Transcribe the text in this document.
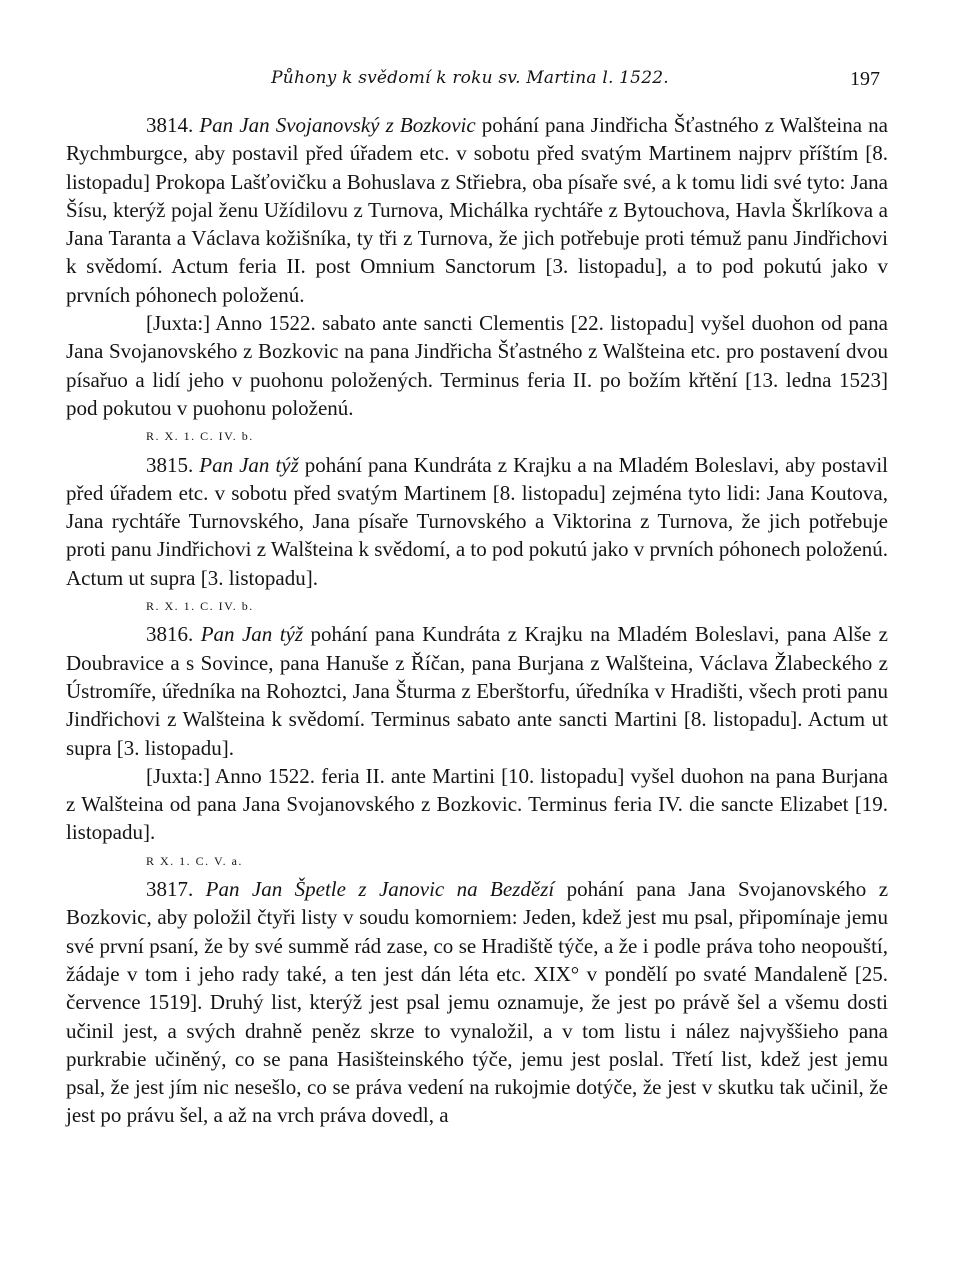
Půhony k svědomí k roku sv. Martina l. 1522.	197

3814. Pan Jan Svojanovský z Bozkovic pohání pana Jindřicha Šťastného z Walšteina na Rychmburgce, aby postavil před úřadem etc. v sobotu před svatým Martinem najprv příštím [8. listopadu] Prokopa Lašťovičku a Bohuslava z Střiebra, oba písaře své, a k tomu lidi své tyto: Jana Šísu, kterýž pojal ženu Užídilovu z Turnova, Michálka rychtáře z Bytouchova, Havla Škrlíkova a Jana Taranta a Václava kožišníka, ty tři z Turnova, že jich potřebuje proti témuž panu Jindřichovi k svědomí. Actum feria II. post Omnium Sanctorum [3. listopadu], a to pod pokutú jako v prvních póhonech položenú.

[Juxta:] Anno 1522. sabato ante sancti Clementis [22. listopadu] vyšel duohon od pana Jana Svojanovského z Bozkovic na pana Jindřicha Šťastného z Walšteina etc. pro postavení dvou písařuo a lidí jeho v puohonu položených. Terminus feria II. po božím křtění [13. ledna 1523] pod pokutou v puohonu položenú.

R. X. 1. C. IV. b.

3815. Pan Jan týž pohání pana Kundráta z Krajku a na Mladém Boleslavi, aby postavil před úřadem etc. v sobotu před svatým Martinem [8. listopadu] zejména tyto lidi: Jana Koutova, Jana rychtáře Turnovského, Jana písaře Turnovského a Viktorina z Turnova, že jich potřebuje proti panu Jindřichovi z Walšteina k svědomí, a to pod pokutú jako v prvních póhonech položenú. Actum ut supra [3. listopadu].

R. X. 1. C. IV. b.

3816. Pan Jan týž pohání pana Kundráta z Krajku na Mladém Boleslavi, pana Alše z Doubravice a s Sovince, pana Hanuše z Říčan, pana Burjana z Walšteina, Václava Žlabeckého z Ústromíře, úředníka na Rohoztci, Jana Šturma z Eberštorfu, úředníka v Hradišti, všech proti panu Jindřichovi z Walšteina k svědomí. Terminus sabato ante sancti Martini [8. listopadu]. Actum ut supra [3. listopadu].

[Juxta:] Anno 1522. feria II. ante Martini [10. listopadu] vyšel duohon na pana Burjana z Walšteina od pana Jana Svojanovského z Bozkovic. Terminus feria IV. die sancte Elizabet [19. listopadu].

R X. 1. C. V. a.

3817. Pan Jan Špetle z Janovic na Bezdězí pohání pana Jana Svojanovského z Bozkovic, aby položil čtyři listy v soudu komorniem: Jeden, kdež jest mu psal, připomínaje jemu své první psaní, že by své summě rád zase, co se Hradiště týče, a že i podle práva toho neopouští, žádaje v tom i jeho rady také, a ten jest dán léta etc. XIX° v pondělí po svaté Mandaleně [25. července 1519]. Druhý list, kterýž jest psal jemu oznamuje, že jest po právě šel a všemu dosti učinil jest, a svých drahně peněz skrze to vynaložil, a v tom listu i nález najvyššieho pana purkrabie učiněný, co se pana Hasišteinského týče, jemu jest poslal. Třetí list, kdež jest jemu psal, že jest jím nic nesešlo, co se práva vedení na rukojmie dotýče, že jest v skutku tak učinil, že jest po právu šel, a až na vrch práva dovedl, a
